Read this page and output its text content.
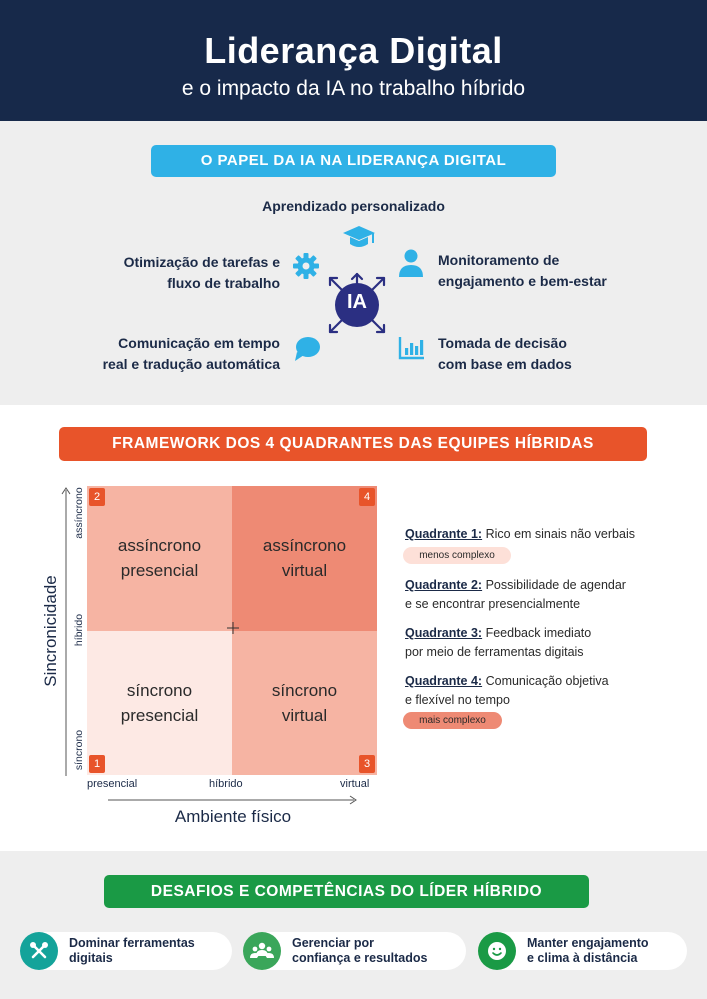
Liderança Digital
e o impacto da IA no trabalho híbrido
O PAPEL DA IA NA LIDERANÇA DIGITAL
Aprendizado personalizado
Otimização de tarefas e
fluxo de trabalho
Comunicação em tempo
real e tradução automática
Monitoramento de
engajamento e bem-estar
Tomada de decisão
com base em dados
IA
FRAMEWORK DOS 4 QUADRANTES DAS EQUIPES HÍBRIDAS
assíncrono
presencial
assíncrono
virtual
síncrono
presencial
síncrono
virtual
2	4
1	3
assíncrono
híbrido
síncrono
Sincronicidade
presencial	híbrido	virtual
Ambiente físico
Quadrante 1: Rico em sinais não verbais
menos complexo
Quadrante 2: Possibilidade de agendar
e se encontrar presencialmente
Quadrante 3: Feedback imediato
por meio de ferramentas digitais
Quadrante 4: Comunicação objetiva
e flexível no tempo
mais complexo
DESAFIOS E COMPETÊNCIAS DO LÍDER HÍBRIDO
Dominar ferramentas
digitais
Gerenciar por
confiança e resultados
Manter engajamento
e clima à distância
